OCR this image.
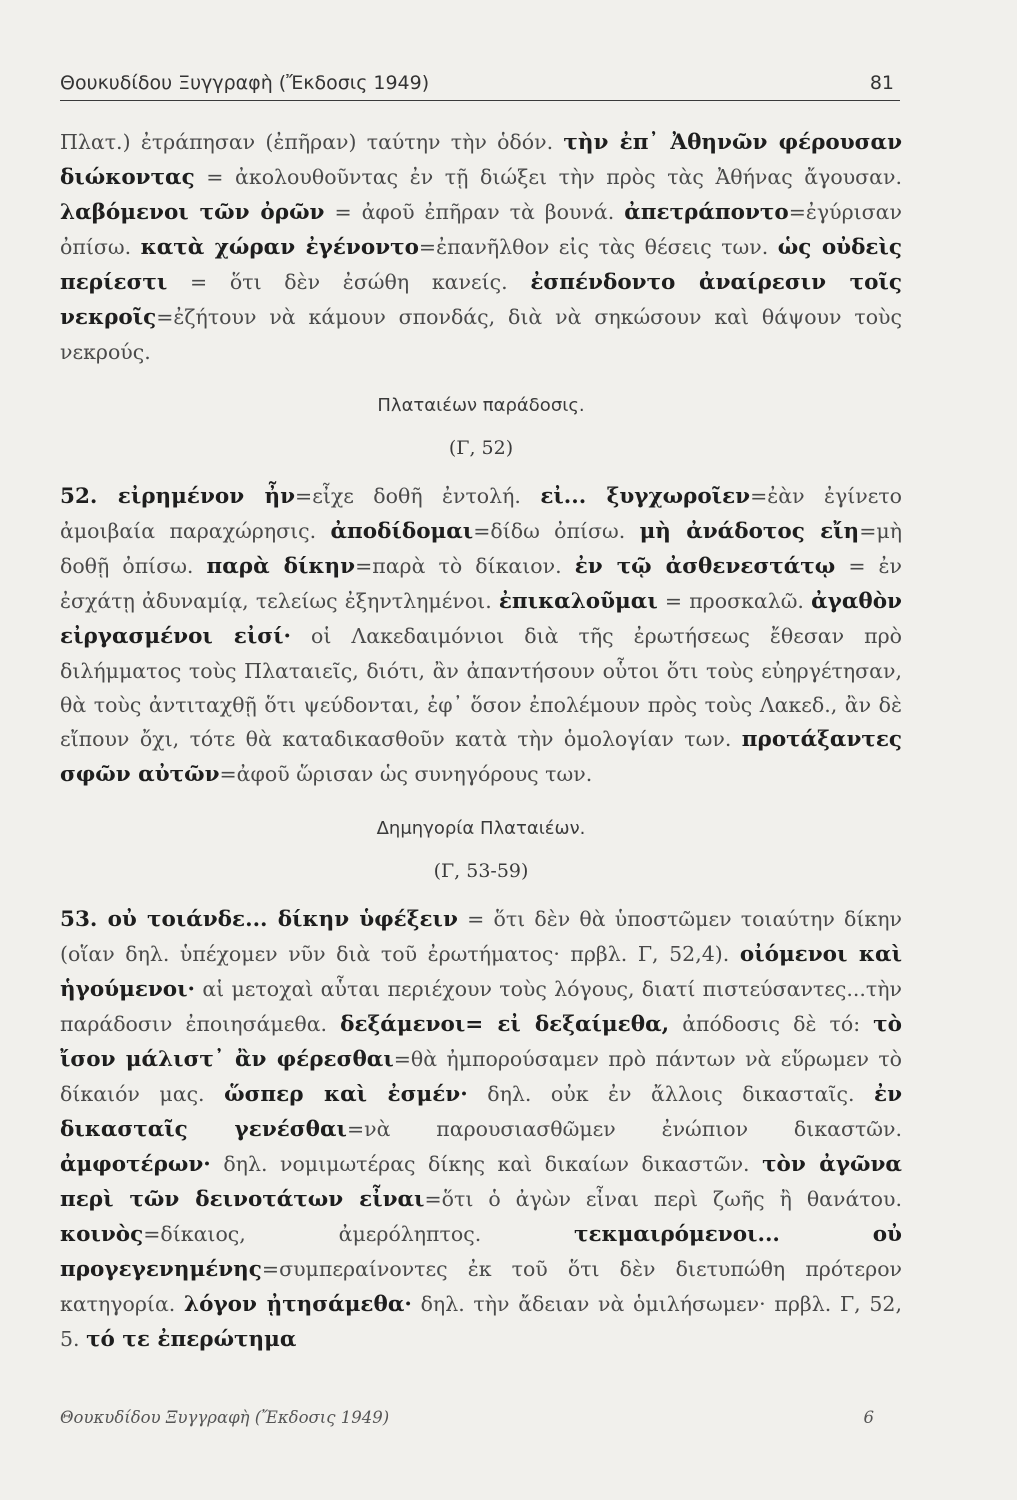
Θουκυδίδου Ξυγγραφὴ (Ἔκδοσις 1949)	81

Πλατ.) ἐτράπησαν (ἐπῆραν) ταύτην τὴν ὁδόν. τὴν ἐπ᾽ Ἀθηνῶν φέρουσαν διώκοντας = ἀκολουθοῦντας ἐν τῇ διώξει τὴν πρὸς τὰς Ἀθήνας ἄγουσαν. λαβόμενοι τῶν ὀρῶν = ἀφοῦ ἐπῆραν τὰ βουνά. ἀπετράποντο=ἐγύρισαν ὀπίσω. κατὰ χώραν ἐγένοντο=ἐπανῆλθον εἰς τὰς θέσεις των. ὡς οὐδεὶς περίεστι = ὅτι δὲν ἐσώθη κανείς. ἐσπένδοντο ἀναίρεσιν τοῖς νεκροῖς=ἐζήτουν νὰ κάμουν σπονδάς, διὰ νὰ σηκώσουν καὶ θάψουν τοὺς νεκρούς.

Πλαταιέων παράδοσις.
(Γ, 52)

52. εἰρημένον ἦν=εἶχε δοθῆ ἐντολή. εἰ... ξυγχωροῖεν=ἐὰν ἐγίνετο ἀμοιβαία παραχώρησις. ἀποδίδομαι=δίδω ὀπίσω. μὴ ἀνάδοτος εἴη=μὴ δοθῇ ὀπίσω. παρὰ δίκην=παρὰ τὸ δίκαιον. ἐν τῷ ἀσθενεστάτῳ = ἐν ἐσχάτῃ ἀδυναμίᾳ, τελείως ἐξηντλημένοι. ἐπικαλοῦμαι = προσκαλῶ. ἀγαθὸν εἰργασμένοι εἰσί· οἱ Λακεδαιμόνιοι διὰ τῆς ἐρωτήσεως ἔθεσαν πρὸ διλήμματος τοὺς Πλαταιεῖς, διότι, ἂν ἀπαντήσουν οὗτοι ὅτι τοὺς εὐηργέτησαν, θὰ τοὺς ἀντιταχθῇ ὅτι ψεύδονται, ἐφ᾽ ὅσον ἐπολέμουν πρὸς τοὺς Λακεδ., ἂν δὲ εἴπουν ὄχι, τότε θὰ καταδικασθοῦν κατὰ τὴν ὁμολογίαν των. προτάξαντες σφῶν αὐτῶν=ἀφοῦ ὥρισαν ὡς συνηγόρους των.

Δημηγορία Πλαταιέων.
(Γ, 53-59)

53. οὐ τοιάνδε... δίκην ὑφέξειν = ὅτι δὲν θὰ ὑποστῶμεν τοιαύτην δίκην (οἵαν δηλ. ὑπέχομεν νῦν διὰ τοῦ ἐρωτήματος· πρβλ. Γ, 52,4). οἰόμενοι καὶ ἡγούμενοι· αἱ μετοχαὶ αὗται περιέχουν τοὺς λόγους, διατί πιστεύσαντες...τὴν παράδοσιν ἐποιησάμεθα. δεξάμενοι= εἰ δεξαίμεθα, ἀπόδοσις δὲ τό: τὸ ἴσον μάλιστ᾽ ἂν φέρεσθαι=θὰ ἠμπορούσαμεν πρὸ πάντων νὰ εὕρωμεν τὸ δίκαιόν μας. ὥσπερ καὶ ἐσμέν· δηλ. οὐκ ἐν ἄλλοις δικασταῖς. ἐν δικασταῖς γενέσθαι=νὰ παρουσιασθῶμεν ἐνώπιον δικαστῶν. ἀμφοτέρων· δηλ. νομιμωτέρας δίκης καὶ δικαίων δικαστῶν. τὸν ἀγῶνα περὶ τῶν δεινοτάτων εἶναι=ὅτι ὁ ἀγὼν εἶναι περὶ ζωῆς ἢ θανάτου. κοινὸς=δίκαιος, ἀμερόληπτος.	τεκμαιρόμενοι...	οὐ προγεγενημένης=συμπεραίνοντες ἐκ τοῦ ὅτι δὲν διετυπώθη πρότερον κατηγορία. λόγον ᾐτησάμεθα· δηλ. τὴν ἄδειαν νὰ ὁμιλήσωμεν· πρβλ. Γ, 52, 5. τό τε ἐπερώτημα

Θουκυδίδου Ξυγγραφὴ (Ἔκδοσις 1949)	6
